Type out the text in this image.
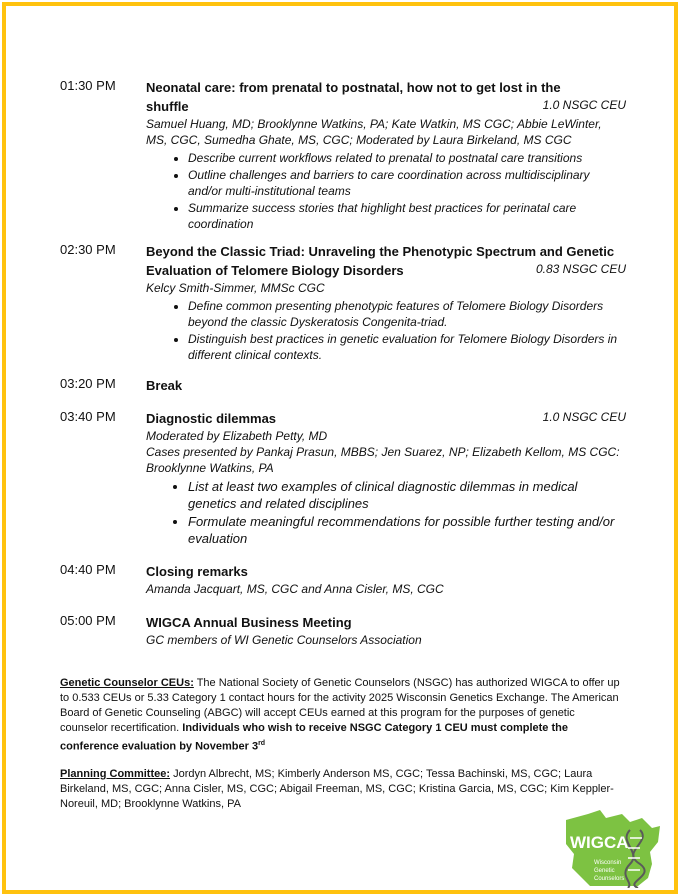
01:30 PM Neonatal care: from prenatal to postnatal, how not to get lost in the
shuffle	1.0 NSGC CEU
Samuel Huang, MD; Brooklynne Watkins, PA; Kate Watkin, MS CGC; Abbie LeWinter, MS, CGC, Sumedha Ghate, MS, CGC; Moderated by Laura Birkeland, MS CGC
• Describe current workflows related to prenatal to postnatal care transitions
• Outline challenges and barriers to care coordination across multidisciplinary and/or multi-institutional teams
• Summarize success stories that highlight best practices for perinatal care coordination
02:30 PM Beyond the Classic Triad: Unraveling the Phenotypic Spectrum and Genetic
Evaluation of Telomere Biology Disorders	0.83 NSGC CEU
Kelcy Smith-Simmer, MMSc CGC
• Define common presenting phenotypic features of Telomere Biology Disorders beyond the classic Dyskeratosis Congenita-triad.
• Distinguish best practices in genetic evaluation for Telomere Biology Disorders in different clinical contexts.
03:20 PM Break
03:40 PM Diagnostic dilemmas	1.0 NSGC CEU
Moderated by Elizabeth Petty, MD
Cases presented by Pankaj Prasun, MBBS; Jen Suarez, NP; Elizabeth Kellom, MS CGC: Brooklynne Watkins, PA
• List at least two examples of clinical diagnostic dilemmas in medical genetics and related disciplines
• Formulate meaningful recommendations for possible further testing and/or evaluation
04:40 PM Closing remarks
Amanda Jacquart, MS, CGC and Anna Cisler, MS, CGC
05:00 PM WIGCA Annual Business Meeting
GC members of WI Genetic Counselors Association
Genetic Counselor CEUs: The National Society of Genetic Counselors (NSGC) has authorized WIGCA to offer up to 0.533 CEUs or 5.33 Category 1 contact hours for the activity 2025 Wisconsin Genetics Exchange. The American Board of Genetic Counseling (ABGC) will accept CEUs earned at this program for the purposes of genetic counselor recertification. Individuals who wish to receive NSGC Category 1 CEU must complete the conference evaluation by November 3rd
Planning Committee: Jordyn Albrecht, MS; Kimberly Anderson MS, CGC; Tessa Bachinski, MS, CGC; Laura Birkeland, MS, CGC; Anna Cisler, MS, CGC; Abigail Freeman, MS, CGC; Kristina Garcia, MS, CGC; Kim Keppler-Noreuil, MD; Brooklynne Watkins, PA
WIGCA
Wisconsin
Genetic
Counselors
